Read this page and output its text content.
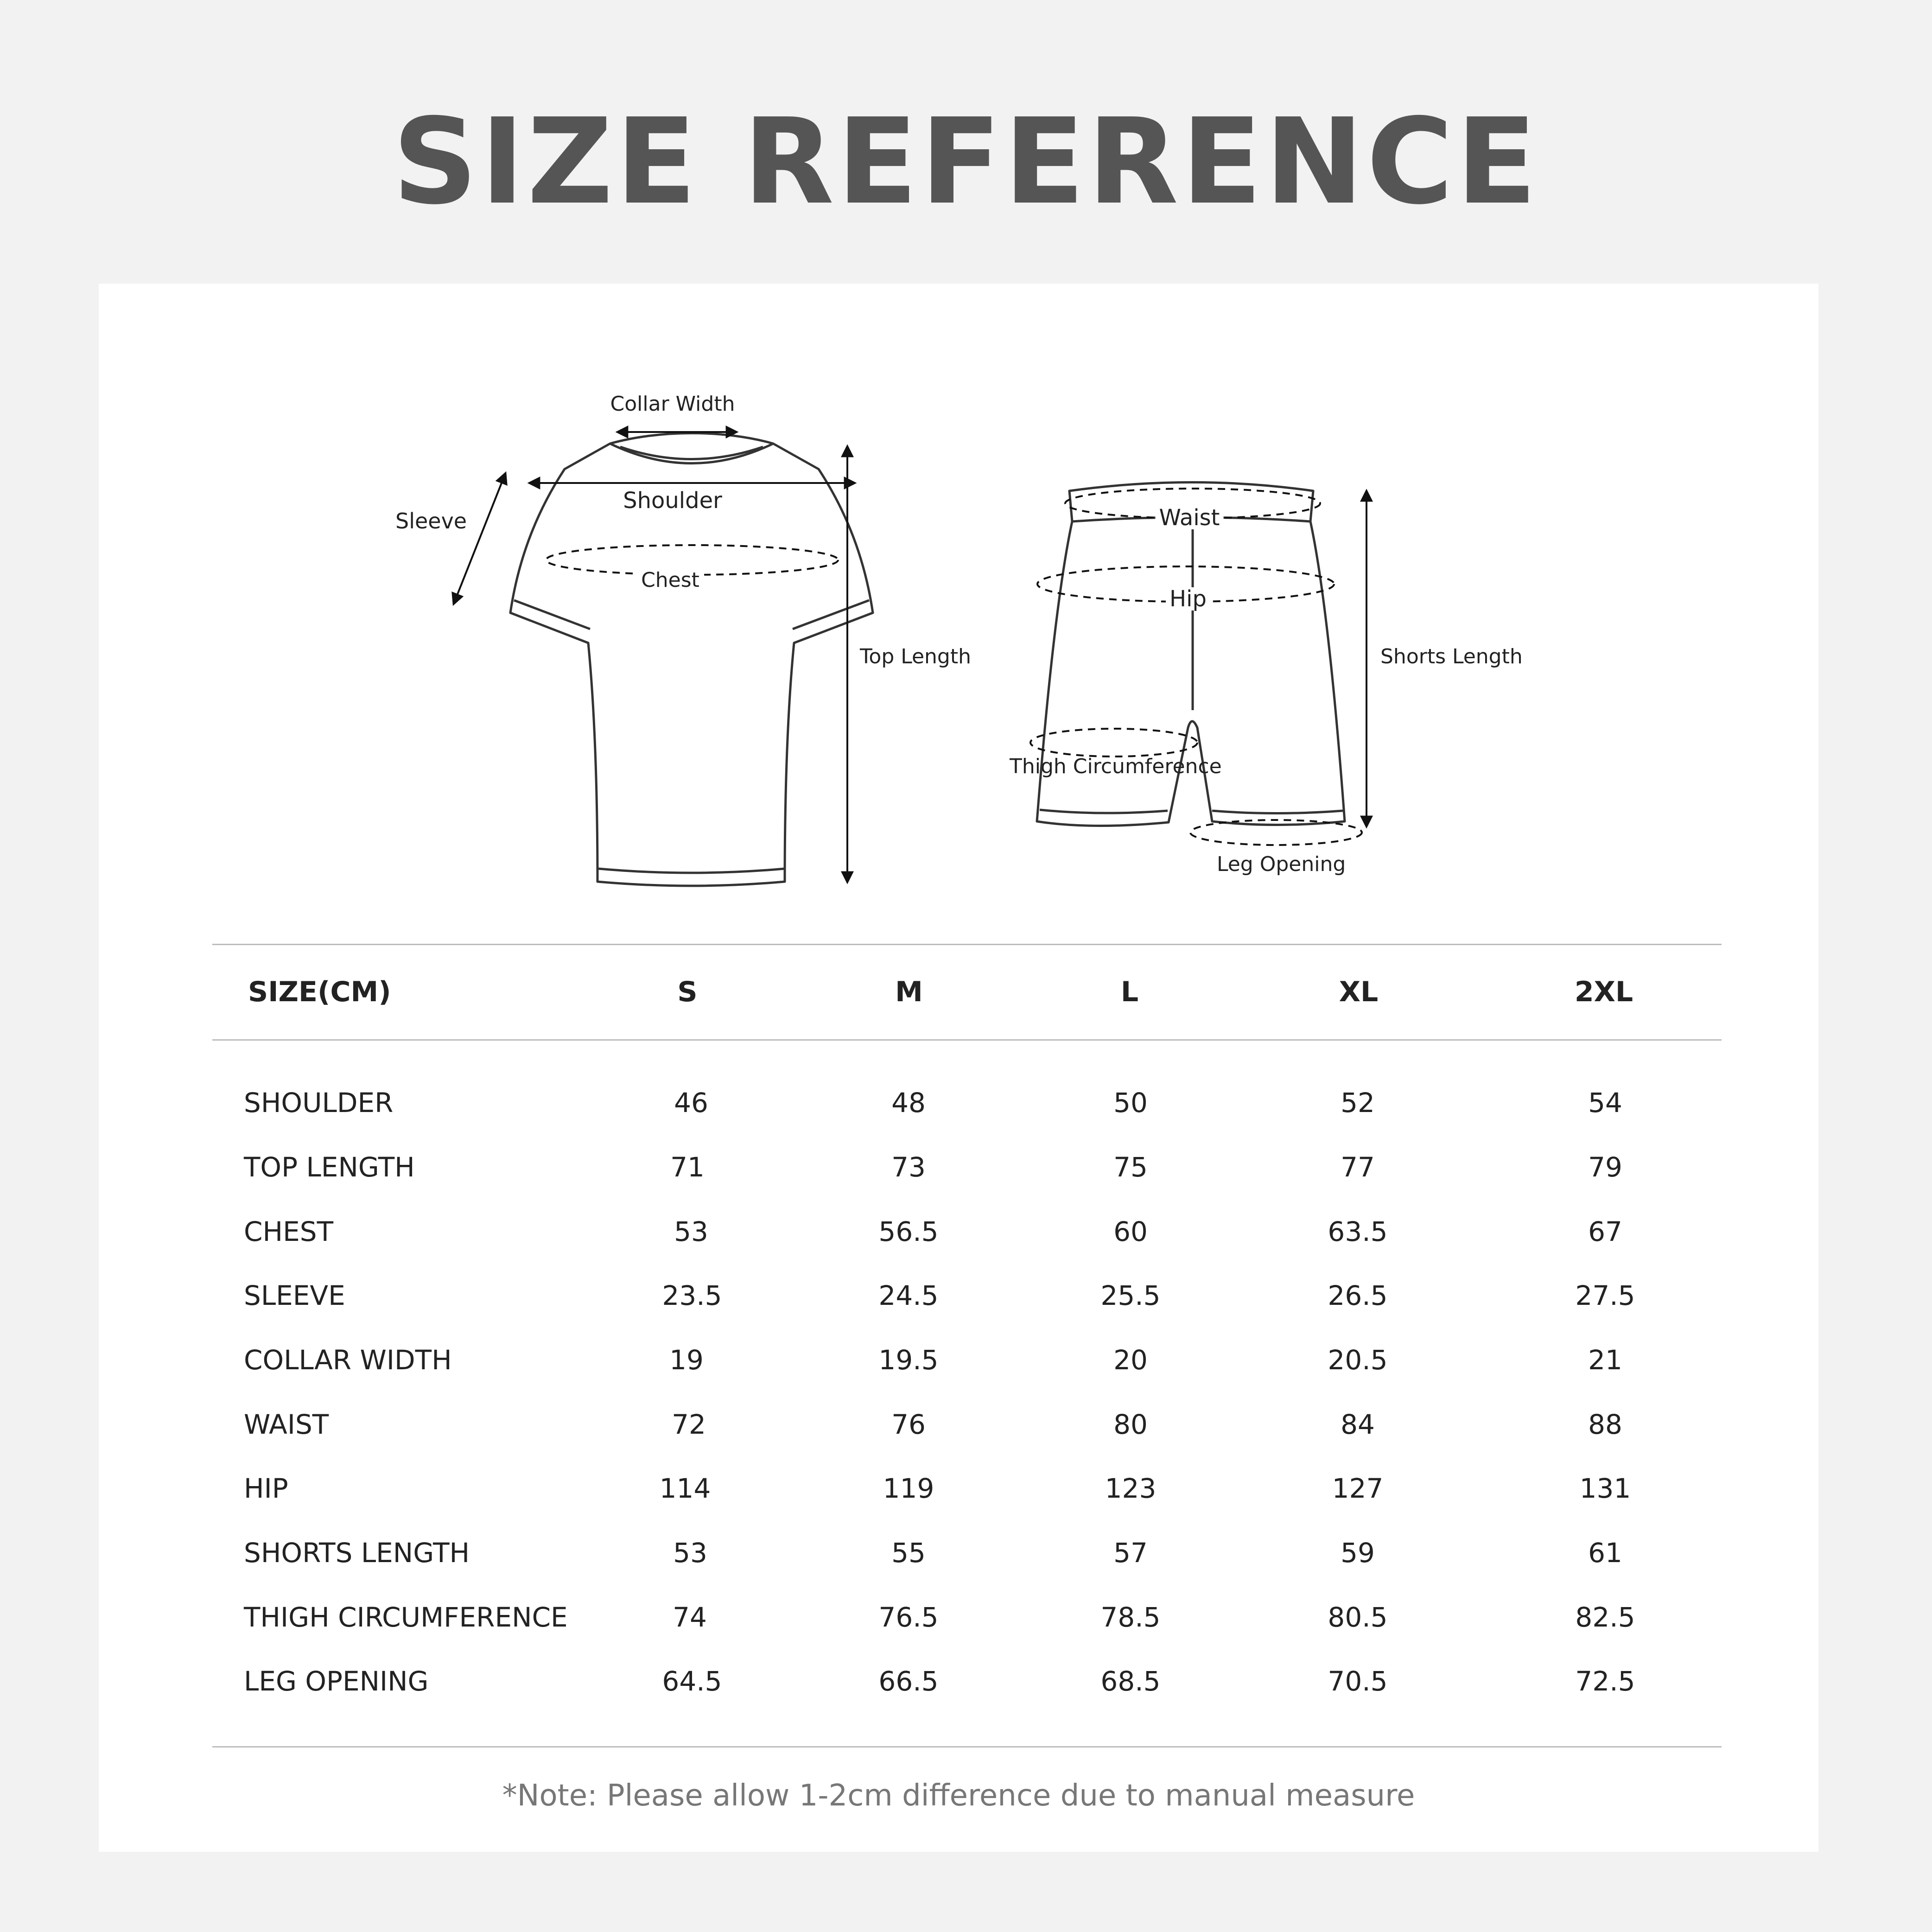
SIZE REFERENCE
Collar Width
Shoulder
Sleeve
Chest
Top Length
Waist
Hip
Shorts Length
Thigh Circumference
Leg Opening
SIZE(CM)	S	M	L	XL	2XL
SHOULDER	46	48	50	52	54
TOP LENGTH	71	73	75	77	79
CHEST	53	56.5	60	63.5	67
SLEEVE	23.5	24.5	25.5	26.5	27.5
COLLAR WIDTH	19	19.5	20	20.5	21
WAIST	72	76	80	84	88
HIP	114	119	123	127	131
SHORTS LENGTH	53	55	57	59	61
THIGH CIRCUMFERENCE	74	76.5	78.5	80.5	82.5
LEG OPENING	64.5	66.5	68.5	70.5	72.5
*Note: Please allow 1-2cm difference due to manual measure
